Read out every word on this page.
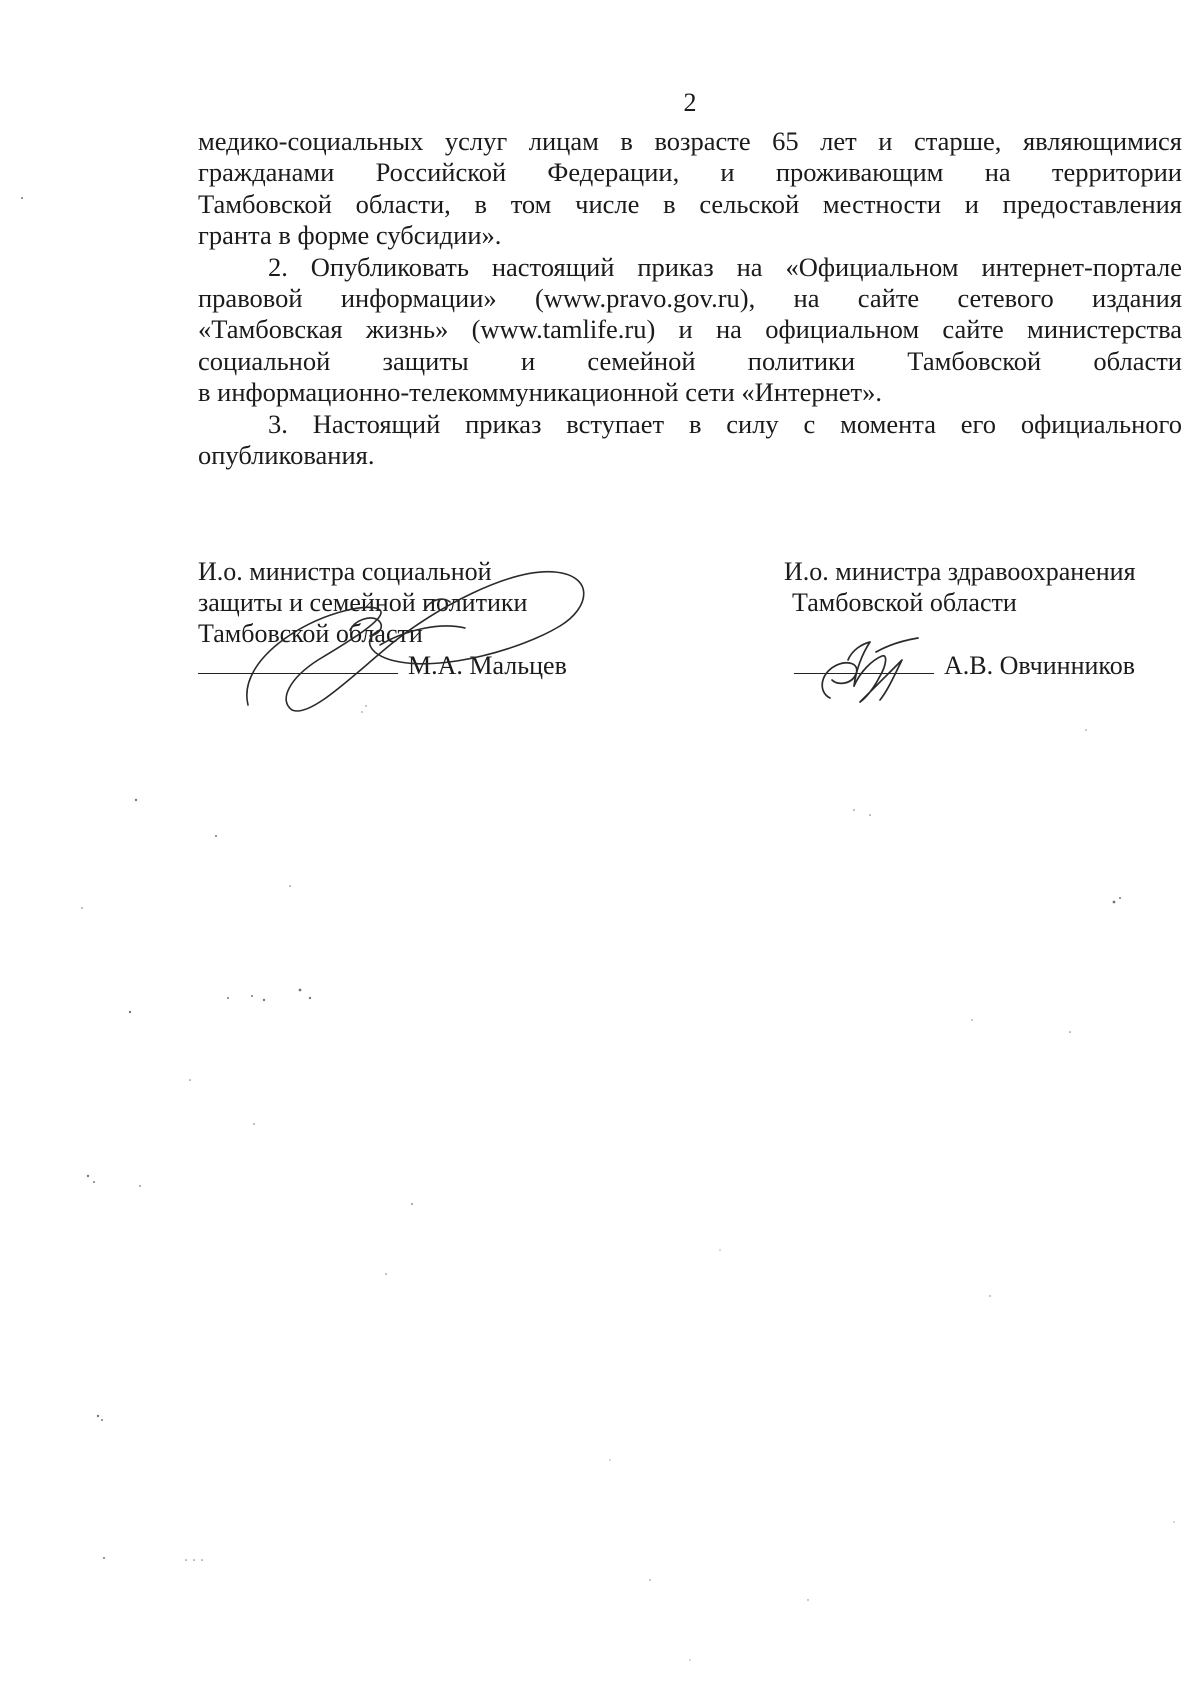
2
медико-социальных услуг лицам в возрасте 65 лет и старше, являющимися
гражданами Российской Федерации, и проживающим на территории
Тамбовской области, в том числе в сельской местности и предоставления
гранта в форме субсидии».
2. Опубликовать настоящий приказ на «Официальном интернет-портале
правовой информации» (www.pravo.gov.ru), на сайте сетевого издания
«Тамбовская жизнь» (www.tamlife.ru) и на официальном сайте министерства
социальной защиты и семейной политики Тамбовской области
в информационно-телекоммуникационной сети «Интернет».
3. Настоящий приказ вступает в силу с момента его официального
опубликования.
И.о. министра социальной
защиты и семейной политики
Тамбовской области
М.А. Мальцев
И.о. министра здравоохранения
Тамбовской области
А.В. Овчинников
